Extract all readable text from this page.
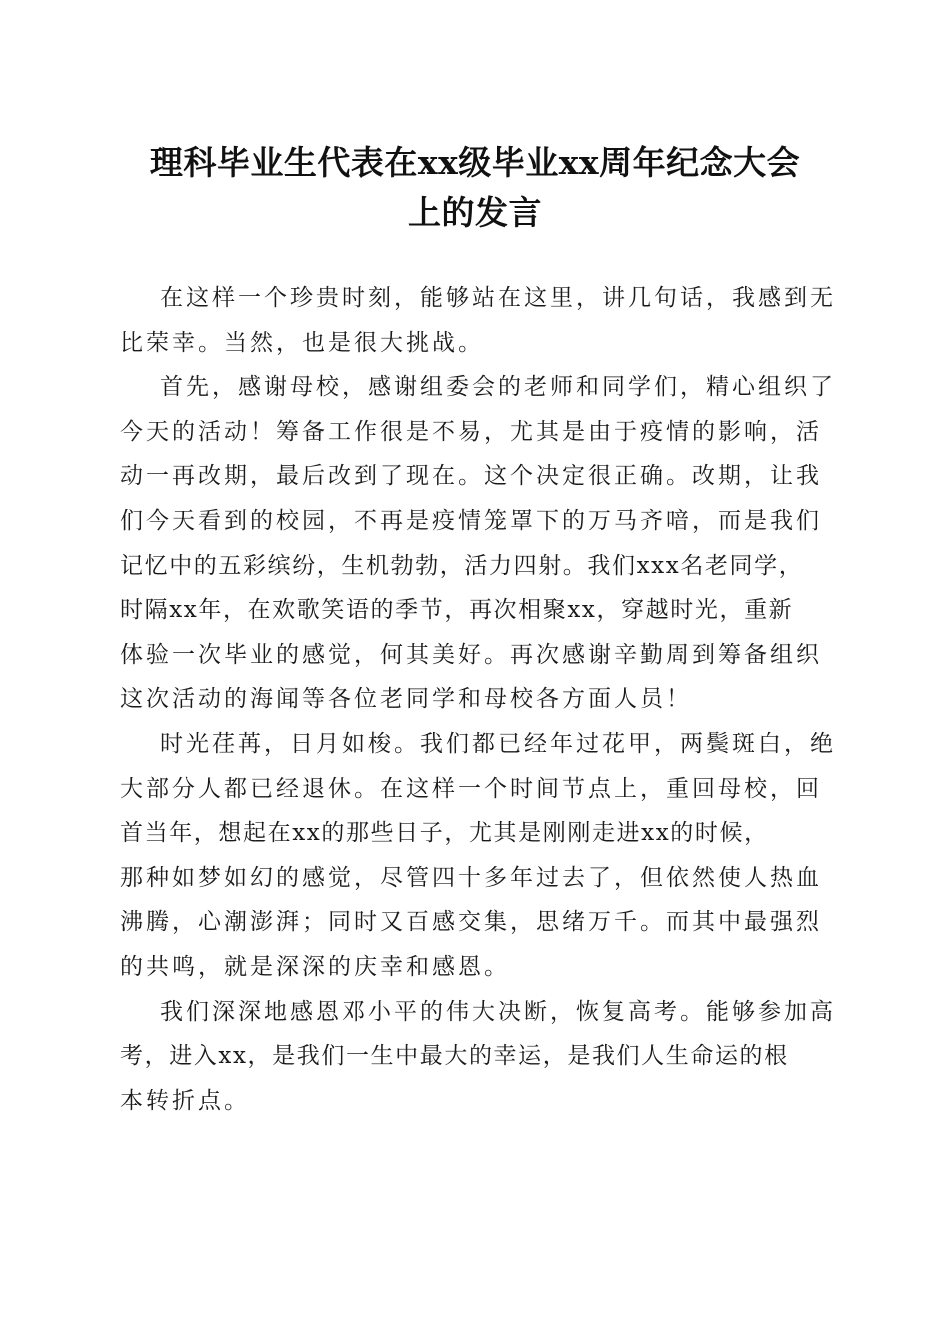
理科毕业生代表在xx级毕业xx周年纪念大会
上的发言

在这样一个珍贵时刻，能够站在这里，讲几句话，我感到无
比荣幸。当然，也是很大挑战。

首先，感谢母校，感谢组委会的老师和同学们，精心组织了
今天的活动！筹备工作很是不易，尤其是由于疫情的影响，活
动一再改期，最后改到了现在。这个决定很正确。改期，让我
们今天看到的校园，不再是疫情笼罩下的万马齐喑，而是我们
记忆中的五彩缤纷，生机勃勃，活力四射。我们xxx名老同学，
时隔xx年，在欢歌笑语的季节，再次相聚xx，穿越时光，重新
体验一次毕业的感觉，何其美好。再次感谢辛勤周到筹备组织
这次活动的海闻等各位老同学和母校各方面人员！

时光荏苒，日月如梭。我们都已经年过花甲，两鬓斑白，绝
大部分人都已经退休。在这样一个时间节点上，重回母校，回
首当年，想起在xx的那些日子，尤其是刚刚走进xx的时候，
那种如梦如幻的感觉，尽管四十多年过去了，但依然使人热血
沸腾，心潮澎湃；同时又百感交集，思绪万千。而其中最强烈
的共鸣，就是深深的庆幸和感恩。

我们深深地感恩邓小平的伟大决断，恢复高考。能够参加高
考，进入xx，是我们一生中最大的幸运，是我们人生命运的根
本转折点。
